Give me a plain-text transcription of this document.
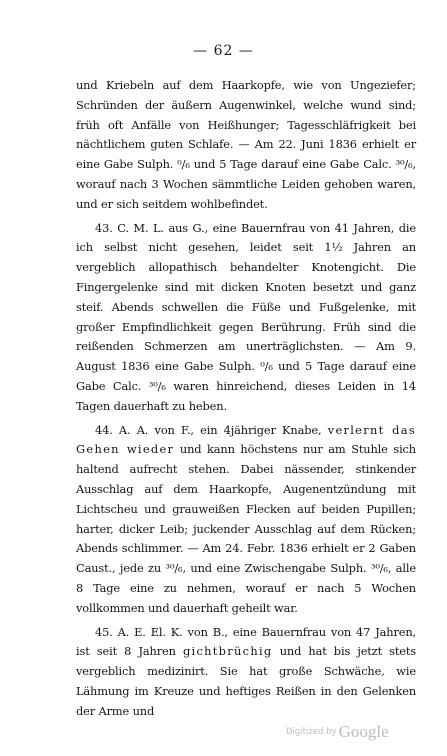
— 62 —

und Kriebeln auf dem Haarkopfe, wie von Ungeziefer; Schründen der äußern Augenwinkel, welche wund sind; früh oft Anfälle von Heißhunger; Tagesschläfrigkeit bei nächtlichem guten Schlafe. — Am 22. Juni 1836 erhielt er eine Gabe Sulph. ⁰/₆ und 5 Tage darauf eine Gabe Calc. ³⁰/₆, worauf nach 3 Wochen sämmtliche Leiden gehoben waren, und er sich seitdem wohlbefindet.

43. C. M. L. aus G., eine Bauernfrau von 41 Jahren, die ich selbst nicht gesehen, leidet seit 1½ Jahren an vergeblich allopathisch behandelter Knotengicht. Die Fingergelenke sind mit dicken Knoten besetzt und ganz steif. Abends schwellen die Füße und Fußgelenke, mit großer Empfindlichkeit gegen Berührung. Früh sind die reißenden Schmerzen am unerträglichsten. — Am 9. August 1836 eine Gabe Sulph. ⁰/₆ und 5 Tage darauf eine Gabe Calc. ³⁰/₆ waren hinreichend, dieses Leiden in 14 Tagen dauerhaft zu heben.

44. A. A. von F., ein 4jähriger Knabe, verlernt das Gehen wieder und kann höchstens nur am Stuhle sich haltend aufrecht stehen. Dabei nässender, stinkender Ausschlag auf dem Haarkopfe, Augenentzündung mit Lichtscheu und grauweißen Flecken auf beiden Pupillen; harter, dicker Leib; juckender Ausschlag auf dem Rücken; Abends schlimmer. — Am 24. Febr. 1836 erhielt er 2 Gaben Caust., jede zu ³⁰/₆, und eine Zwischengabe Sulph. ³⁰/₆, alle 8 Tage eine zu nehmen, worauf er nach 5 Wochen vollkommen und dauerhaft geheilt war.

45. A. E. El. K. von B., eine Bauernfrau von 47 Jahren, ist seit 8 Jahren gichtbrüchig und hat bis jetzt stets vergeblich medizinirt. Sie hat große Schwäche, wie Lähmung im Kreuze und heftiges Reißen in den Gelenken der Arme und

Digitized by Google
